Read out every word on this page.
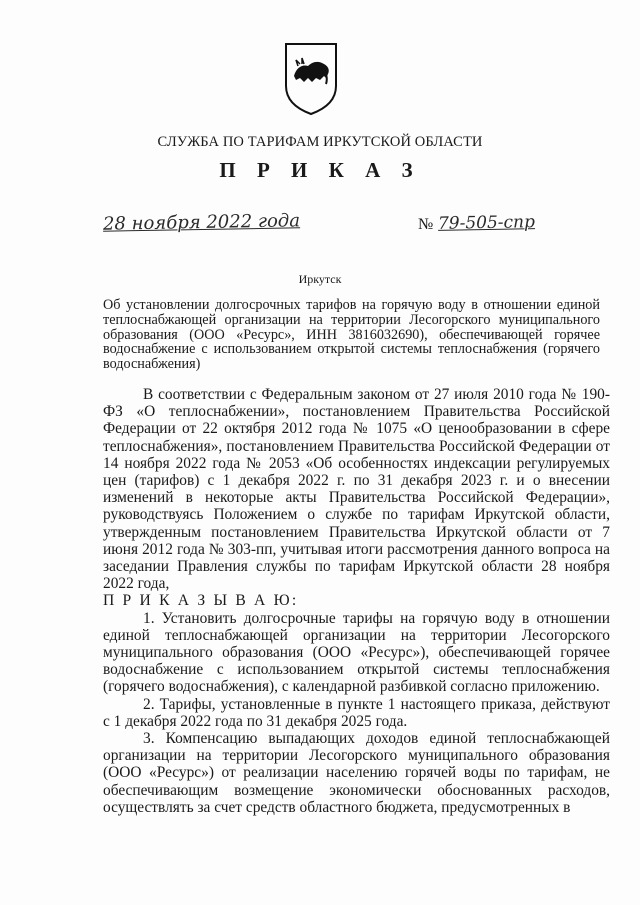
СЛУЖБА ПО ТАРИФАМ ИРКУТСКОЙ ОБЛАСТИ
П Р И К А З
28 ноября 2022 года	№ 79-505-спр
Иркутск
Об установлении долгосрочных тарифов на горячую воду в отношении единой теплоснабжающей организации на территории Лесогорского муниципального образования (ООО «Ресурс», ИНН 3816032690), обеспечивающей горячее водоснабжение с использованием открытой системы теплоснабжения (горячего водоснабжения)

В соответствии с Федеральным законом от 27 июля 2010 года № 190-ФЗ «О теплоснабжении», постановлением Правительства Российской Федерации от 22 октября 2012 года № 1075 «О ценообразовании в сфере теплоснабжения», постановлением Правительства Российской Федерации от 14 ноября 2022 года № 2053 «Об особенностях индексации регулируемых цен (тарифов) с 1 декабря 2022 г. по 31 декабря 2023 г. и о внесении изменений в некоторые акты Правительства Российской Федерации», руководствуясь Положением о службе по тарифам Иркутской области, утвержденным постановлением Правительства Иркутской области от 7 июня 2012 года № 303-пп, учитывая итоги рассмотрения данного вопроса на заседании Правления службы по тарифам Иркутской области 28 ноября 2022 года,

П Р И К А З Ы В А Ю:

1. Установить долгосрочные тарифы на горячую воду в отношении единой теплоснабжающей организации на территории Лесогорского муниципального образования (ООО «Ресурс»), обеспечивающей горячее водоснабжение с использованием открытой системы теплоснабжения (горячего водоснабжения), с календарной разбивкой согласно приложению.

2. Тарифы, установленные в пункте 1 настоящего приказа, действуют с 1 декабря 2022 года по 31 декабря 2025 года.

3. Компенсацию выпадающих доходов единой теплоснабжающей организации на территории Лесогорского муниципального образования (ООО «Ресурс») от реализации населению горячей воды по тарифам, не обеспечивающим возмещение экономически обоснованных расходов, осуществлять за счет средств областного бюджета, предусмотренных в
